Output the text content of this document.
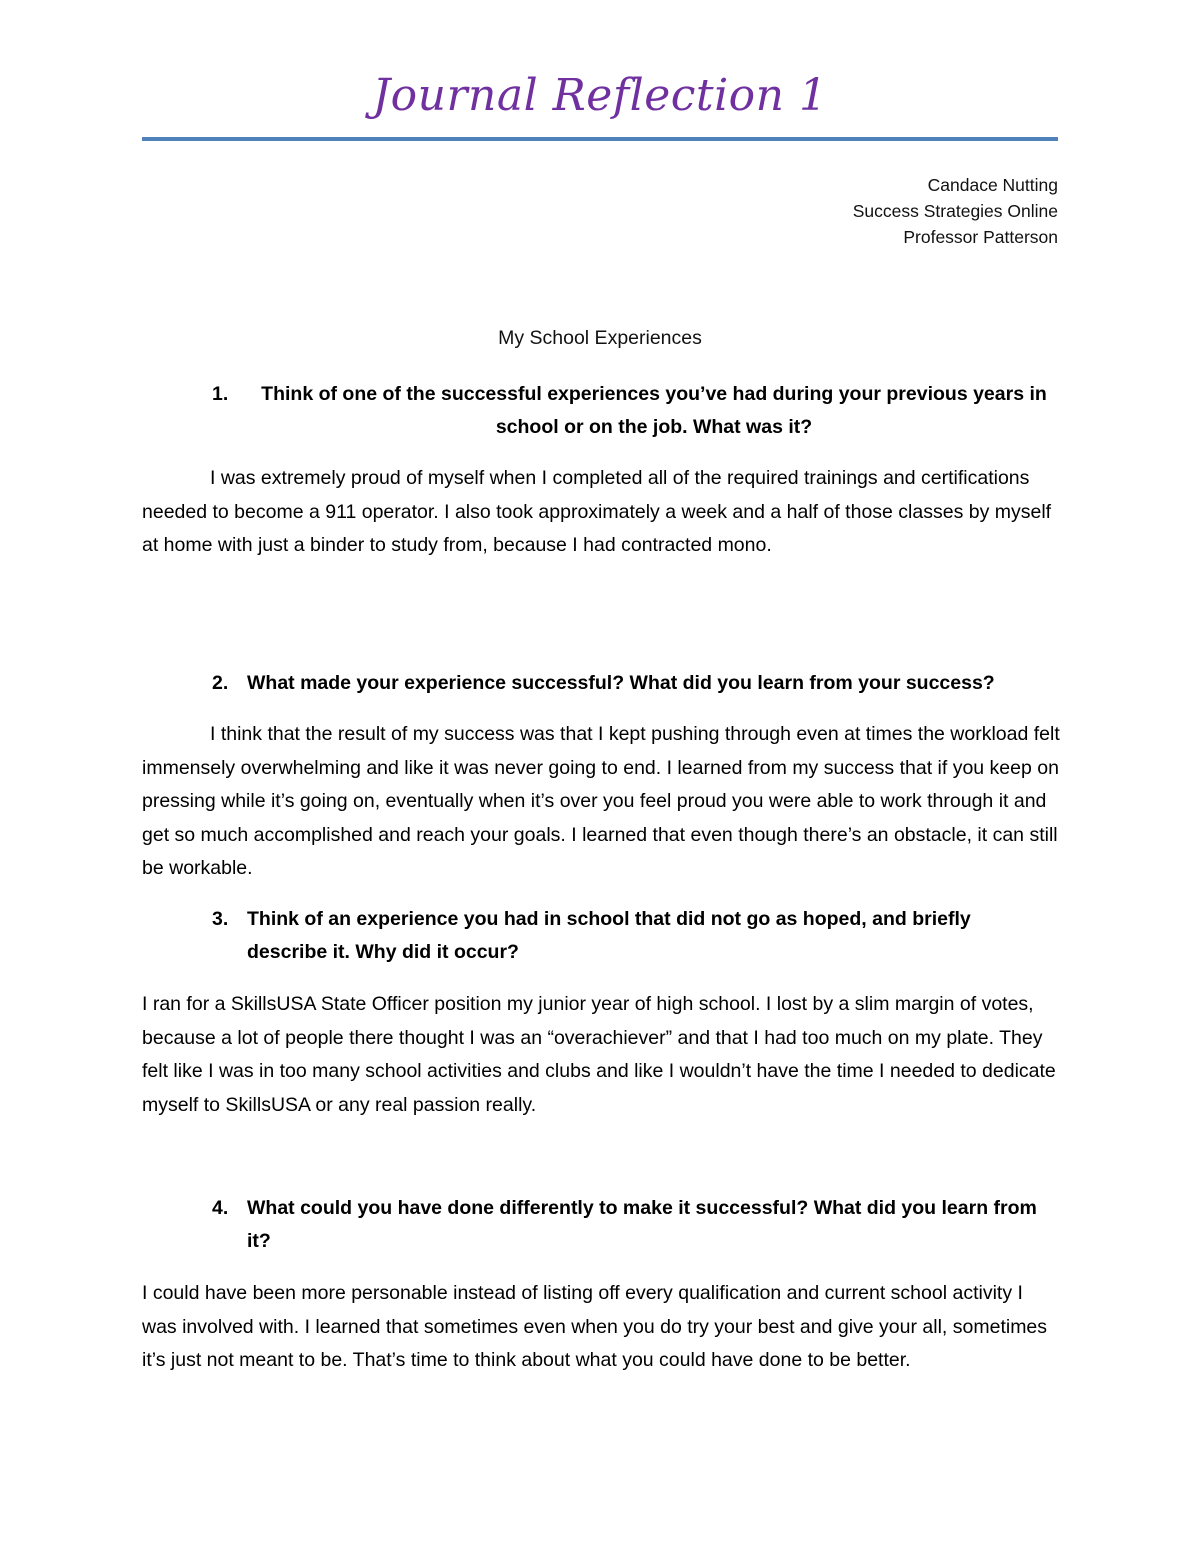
Journal Reflection 1
Candace Nutting
Success Strategies Online
Professor Patterson
My School Experiences
1.	Think of one of the successful experiences you’ve had during your previous years in school or on the job. What was it?
I was extremely proud of myself when I completed all of the required trainings and certifications needed to become a 911 operator. I also took approximately a week and a half of those classes by myself at home with just a binder to study from, because I had contracted mono.
2. What made your experience successful? What did you learn from your success?
I think that the result of my success was that I kept pushing through even at times the workload felt immensely overwhelming and like it was never going to end. I learned from my success that if you keep on pressing while it’s going on, eventually when it’s over you feel proud you were able to work through it and get so much accomplished and reach your goals. I learned that even though there’s an obstacle, it can still be workable.
3. Think of an experience you had in school that did not go as hoped, and briefly describe it. Why did it occur?
I ran for a SkillsUSA State Officer position my junior year of high school. I lost by a slim margin of votes, because a lot of people there thought I was an “overachiever” and that I had too much on my plate. They felt like I was in too many school activities and clubs and like I wouldn’t have the time I needed to dedicate myself to SkillsUSA or any real passion really.
4. What could you have done differently to make it successful? What did you learn from it?
I could have been more personable instead of listing off every qualification and current school activity I was involved with. I learned that sometimes even when you do try your best and give your all, sometimes it’s just not meant to be. That’s time to think about what you could have done to be better.
